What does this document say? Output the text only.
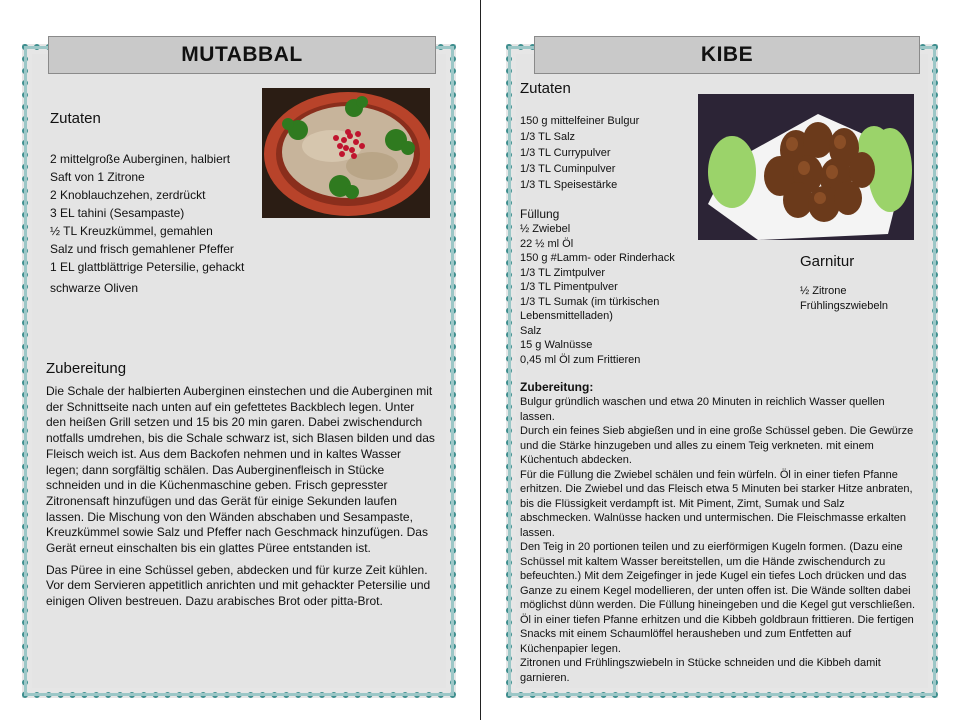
MUTABBAL
Zutaten
2 mittelgroße Auberginen, halbiert
Saft von 1 Zitrone
2 Knoblauchzehen, zerdrückt
3 EL tahini (Sesampaste)
½ TL Kreuzkümmel, gemahlen
Salz und frisch gemahlener Pfeffer
1 EL glattblättrige Petersilie, gehackt
schwarze Oliven
Zubereitung

Die Schale der halbierten Auberginen einstechen und die Auberginen mit der Schnittseite nach unten auf ein gefettetes Backblech legen. Unter den heißen Grill setzen und 15 bis 20 min garen. Dabei zwischendurch notfalls umdrehen, bis die Schale schwarz ist, sich Blasen bilden und das Fleisch weich ist. Aus dem Backofen nehmen und in kaltes Wasser legen; dann sorgfältig schälen. Das Auberginenfleisch in Stücke schneiden und in die Küchenmaschine geben. Frisch gepresster Zitronensaft hinzufügen und das Gerät für einige Sekunden laufen lassen. Die Mischung von den Wänden abschaben und Sesampaste, Kreuzkümmel sowie Salz und Pfeffer nach Geschmack hinzufügen. Das Gerät erneut einschalten bis ein glattes Püree entstanden ist.

Das Püree in eine Schüssel geben, abdecken und für kurze Zeit kühlen. Vor dem Servieren appetitlich anrichten und mit gehackter Petersilie und einigen Oliven bestreuen. Dazu arabisches Brot oder pitta-Brot.

KIBE
Zutaten
150 g mittelfeiner Bulgur
1/3 TL Salz
1/3 TL Currypulver
1/3 TL Cuminpulver
1/3 TL Speisestärke
Füllung
½ Zwiebel
22 ½ ml Öl
150 g #Lamm- oder Rinderhack
1/3 TL Zimtpulver
1/3 TL Pimentpulver
1/3 TL Sumak (im türkischen
Lebensmittelladen)
Salz
15 g Walnüsse
0,45 ml Öl zum Frittieren
Garnitur
½ Zitrone
Frühlingszwiebeln
Zubereitung:
Bulgur gründlich waschen und etwa 20 Minuten in reichlich Wasser quellen lassen.
Durch ein feines Sieb abgießen und in eine große Schüssel geben. Die Gewürze und die Stärke hinzugeben und alles zu einem Teig verkneten. mit einem Küchentuch abdecken.
Für die Füllung die Zwiebel schälen und fein würfeln. Öl in einer tiefen Pfanne erhitzen. Die Zwiebel und das Fleisch etwa 5 Minuten bei starker Hitze anbraten, bis die Flüssigkeit verdampft ist. Mit Piment, Zimt, Sumak und Salz abschmecken. Walnüsse hacken und untermischen. Die Fleischmasse erkalten lassen.
Den Teig in 20 portionen teilen und zu eierförmigen Kugeln formen. (Dazu eine Schüssel mit kaltem Wasser bereitstellen, um die Hände zwischendurch zu befeuchten.) Mit dem Zeigefinger in jede Kugel ein tiefes Loch drücken und das Ganze zu einem Kegel modellieren, der unten offen ist. Die Wände sollten dabei möglichst dünn werden. Die Füllung hineingeben und die Kegel gut verschließen.
Öl in einer tiefen Pfanne erhitzen und die Kibbeh goldbraun frittieren. Die fertigen Snacks mit einem Schaumlöffel herausheben und zum Entfetten auf Küchenpapier legen.
Zitronen und Frühlingszwiebeln in Stücke schneiden und die Kibbeh damit garnieren.
